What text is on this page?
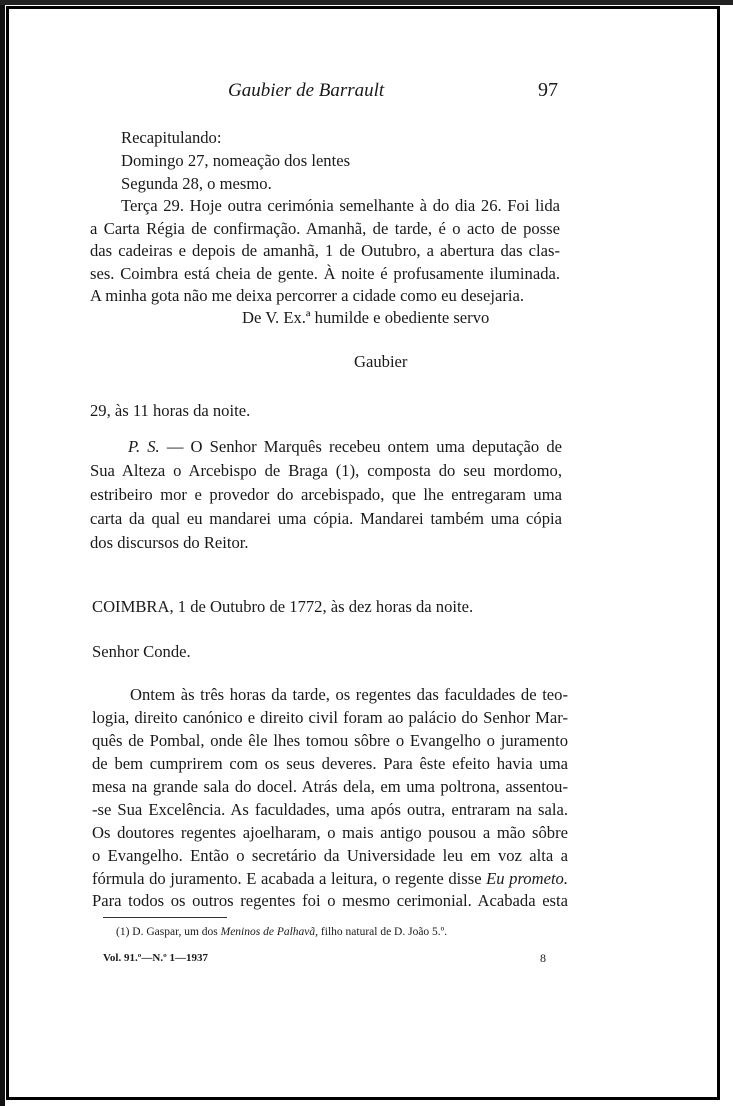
Gaubier de Barrault	97
Recapitulando:
Domingo 27, nomeação dos lentes
Segunda 28, o mesmo.
Terça 29. Hoje outra cerimónia semelhante à do dia 26. Foi lida
a Carta Régia de confirmação. Amanhã, de tarde, é o acto de posse
das cadeiras e depois de amanhã, 1 de Outubro, a abertura das clas-
ses. Coimbra está cheia de gente. À noite é profusamente iluminada.
A minha gota não me deixa percorrer a cidade como eu desejaria.
De V. Ex.ª humilde e obediente servo
Gaubier
29, às 11 horas da noite.
P. S. — O Senhor Marquês recebeu ontem uma deputação de
Sua Alteza o Arcebispo de Braga (1), composta do seu mordomo,
estribeiro mor e provedor do arcebispado, que lhe entregaram uma
carta da qual eu mandarei uma cópia. Mandarei também uma cópia
dos discursos do Reitor.
COIMBRA, 1 de Outubro de 1772, às dez horas da noite.
Senhor Conde.
Ontem às três horas da tarde, os regentes das faculdades de teo-
logia, direito canónico e direito civil foram ao palácio do Senhor Mar-
quês de Pombal, onde êle lhes tomou sôbre o Evangelho o juramento
de bem cumprirem com os seus deveres. Para êste efeito havia uma
mesa na grande sala do docel. Atrás dela, em uma poltrona, assentou-
-se Sua Excelência. As faculdades, uma após outra, entraram na sala.
Os doutores regentes ajoelharam, o mais antigo pousou a mão sôbre
o Evangelho. Então o secretário da Universidade leu em voz alta a
fórmula do juramento. E acabada a leitura, o regente disse Eu prometo.
Para todos os outros regentes foi o mesmo cerimonial. Acabada esta
(1) D. Gaspar, um dos Meninos de Palhavã, filho natural de D. João 5.º.
Vol. 91.º—N.º 1—1937	8
